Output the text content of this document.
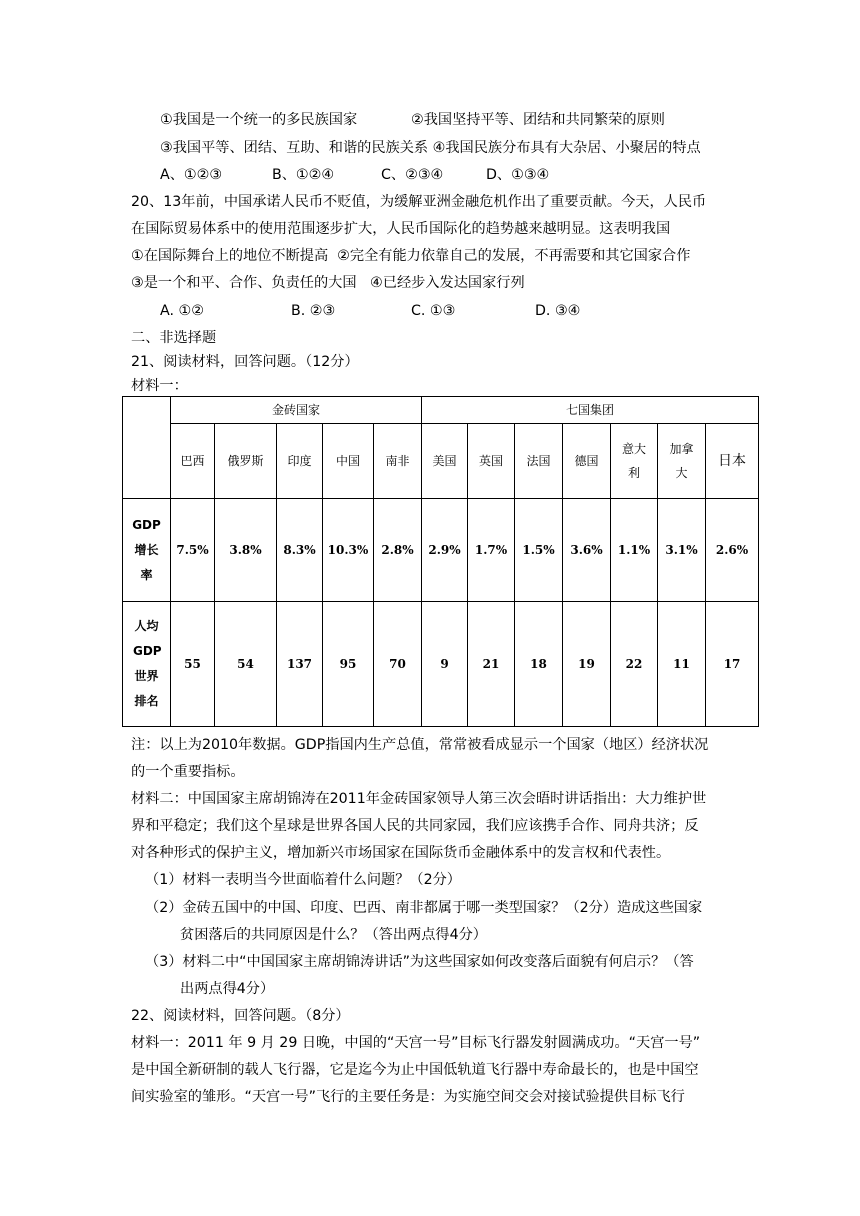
①我国是一个统一的多民族国家	②我国坚持平等、团结和共同繁荣的原则
③我国平等、团结、互助、和谐的民族关系 ④我国民族分布具有大杂居、小聚居的特点
A、①②③	B、①②④	C、②③④	D、①③④
20、13年前，中国承诺人民币不贬值，为缓解亚洲金融危机作出了重要贡献。今天，人民币
在国际贸易体系中的使用范围逐步扩大，人民币国际化的趋势越来越明显。这表明我国
①在国际舞台上的地位不断提高  ②完全有能力依靠自己的发展，不再需要和其它国家合作
③是一个和平、合作、负责任的大国   ④已经步入发达国家行列
A. ①②	B. ②③	C. ①③	D. ③④
二、非选择题
21、阅读材料，回答问题。（12分）
材料一：
	金砖国家					七国集团						
	巴西	俄罗斯	印度	中国	南非	美国	英国	法国	德国	意大利	加拿大	日本
GDP增长率	7.5%	3.8%	8.3%	10.3%	2.8%	2.9%	1.7%	1.5%	3.6%	1.1%	3.1%	2.6%
人均GDP世界排名	55	54	137	95	70	9	21	18	19	22	11	17
注：以上为2010年数据。GDP指国内生产总值，常常被看成显示一个国家（地区）经济状况
的一个重要指标。
材料二：中国国家主席胡锦涛在2011年金砖国家领导人第三次会晤时讲话指出：大力维护世
界和平稳定；我们这个星球是世界各国人民的共同家园，我们应该携手合作、同舟共济；反
对各种形式的保护主义，增加新兴市场国家在国际货币金融体系中的发言权和代表性。
（1）材料一表明当今世面临着什么问题？（2分）
（2）金砖五国中的中国、印度、巴西、南非都属于哪一类型国家？（2分）造成这些国家
贫困落后的共同原因是什么？（答出两点得4分）
（3）材料二中“中国国家主席胡锦涛讲话”为这些国家如何改变落后面貌有何启示？（答
出两点得4分）
22、阅读材料，回答问题。（8分）
材料一：2011 年 9 月 29 日晚，中国的“天宫一号”目标飞行器发射圆满成功。“天宫一号”
是中国全新研制的载人飞行器，它是迄今为止中国低轨道飞行器中寿命最长的，也是中国空
间实验室的雏形。“天宫一号”飞行的主要任务是：为实施空间交会对接试验提供目标飞行
